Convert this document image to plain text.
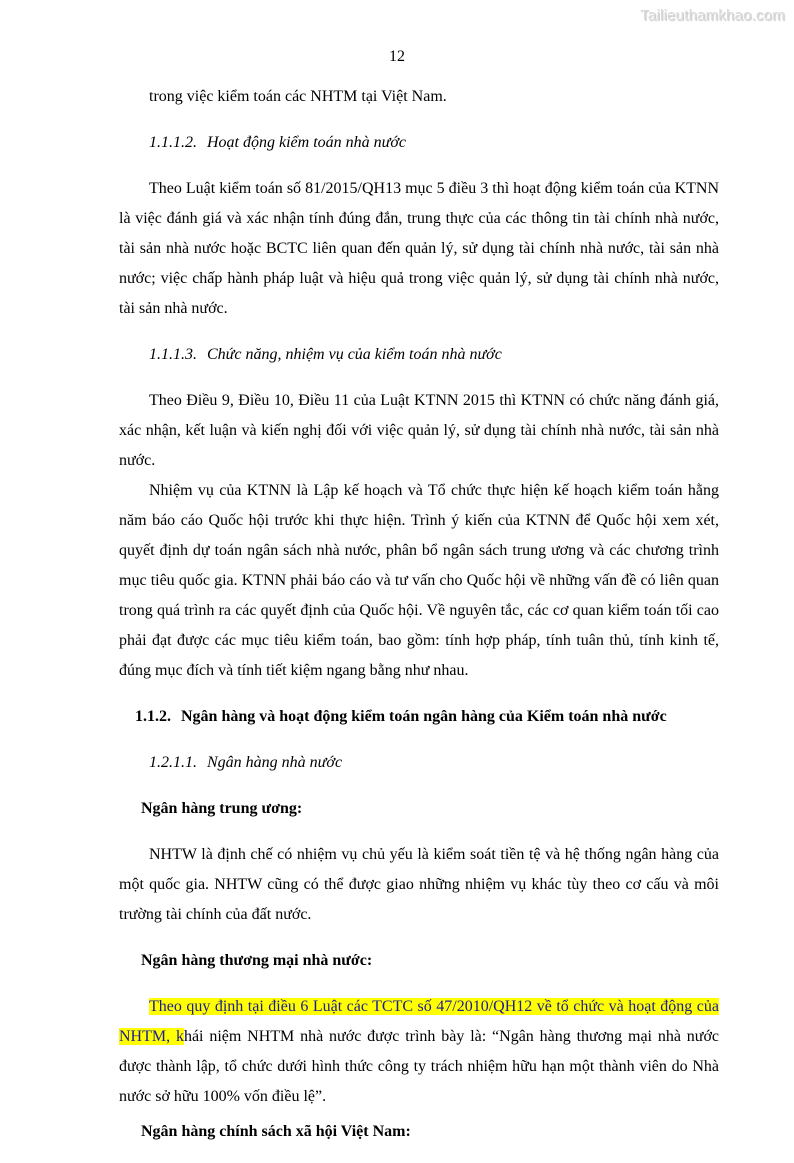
Tailieuthamkhao.com
12

trong việc kiểm toán các NHTM tại Việt Nam.

1.1.1.2. Hoạt động kiểm toán nhà nước

Theo Luật kiểm toán số 81/2015/QH13 mục 5 điều 3 thì hoạt động kiểm toán của KTNN là việc đánh giá và xác nhận tính đúng đắn, trung thực của các thông tin tài chính nhà nước, tài sản nhà nước hoặc BCTC liên quan đến quản lý, sử dụng tài chính nhà nước, tài sản nhà nước; việc chấp hành pháp luật và hiệu quả trong việc quản lý, sử dụng tài chính nhà nước, tài sản nhà nước.

1.1.1.3. Chức năng, nhiệm vụ của kiểm toán nhà nước

Theo Điều 9, Điều 10, Điều 11 của Luật KTNN 2015 thì KTNN có chức năng đánh giá, xác nhận, kết luận và kiến nghị đối với việc quản lý, sử dụng tài chính nhà nước, tài sản nhà nước.

Nhiệm vụ của KTNN là Lập kế hoạch và Tổ chức thực hiện kế hoạch kiểm toán hằng năm báo cáo Quốc hội trước khi thực hiện. Trình ý kiến của KTNN để Quốc hội xem xét, quyết định dự toán ngân sách nhà nước, phân bổ ngân sách trung ương và các chương trình mục tiêu quốc gia. KTNN phải báo cáo và tư vấn cho Quốc hội về những vấn đề có liên quan trong quá trình ra các quyết định của Quốc hội. Về nguyên tắc, các cơ quan kiểm toán tối cao phải đạt được các mục tiêu kiểm toán, bao gồm: tính hợp pháp, tính tuân thủ, tính kinh tế, đúng mục đích và tính tiết kiệm ngang bằng như nhau.

1.1.2. Ngân hàng và hoạt động kiểm toán ngân hàng của Kiểm toán nhà nước

1.2.1.1. Ngân hàng nhà nước

Ngân hàng trung ương:

NHTW là định chế có nhiệm vụ chủ yếu là kiểm soát tiền tệ và hệ thống ngân hàng của một quốc gia. NHTW cũng có thể được giao những nhiệm vụ khác tùy theo cơ cấu và môi trường tài chính của đất nước.

Ngân hàng thương mại nhà nước:

Theo quy định tại điều 6 Luật các TCTC số 47/2010/QH12 về tổ chức và hoạt động của NHTM, khái niệm NHTM nhà nước được trình bày là: “Ngân hàng thương mại nhà nước được thành lập, tổ chức dưới hình thức công ty trách nhiệm hữu hạn một thành viên do Nhà nước sở hữu 100% vốn điều lệ”.

Ngân hàng chính sách xã hội Việt Nam:
